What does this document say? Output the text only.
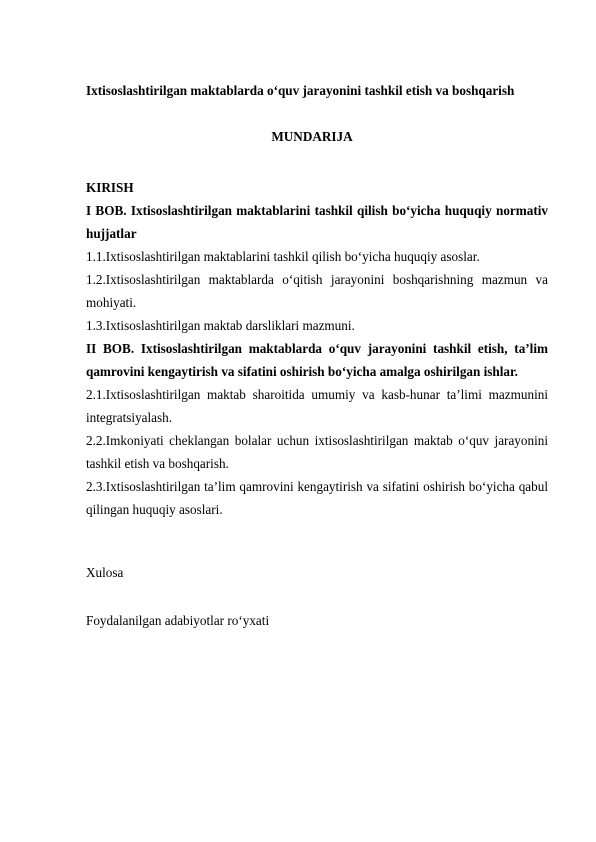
Ixtisoslashtirilgan maktablarda o‘quv jarayonini tashkil etish va boshqarish
MUNDARIJA
KIRISH
I BOB. Ixtisoslashtirilgan maktablarini tashkil qilish bo‘yicha huquqiy normativ hujjatlar
1.1.Ixtisoslashtirilgan maktablarini tashkil qilish bo‘yicha huquqiy asoslar.
1.2.Ixtisoslashtirilgan maktablarda o‘qitish jarayonini boshqarishning mazmun va mohiyati.
1.3.Ixtisoslashtirilgan maktab darsliklari mazmuni.
II BOB. Ixtisoslashtirilgan maktablarda o‘quv jarayonini tashkil etish, ta’lim qamrovini kengaytirish va sifatini oshirish bo‘yicha amalga oshirilgan ishlar.
2.1.Ixtisoslashtirilgan maktab sharoitida umumiy va kasb-hunar ta’limi mazmunini integratsiyalash.
2.2.Imkoniyati cheklangan bolalar uchun ixtisoslashtirilgan maktab o‘quv jarayonini tashkil etish va boshqarish.
2.3.Ixtisoslashtirilgan ta’lim qamrovini kengaytirish va sifatini oshirish bo‘yicha qabul qilingan huquqiy asoslari.
Xulosa
Foydalanilgan adabiyotlar ro‘yxati
